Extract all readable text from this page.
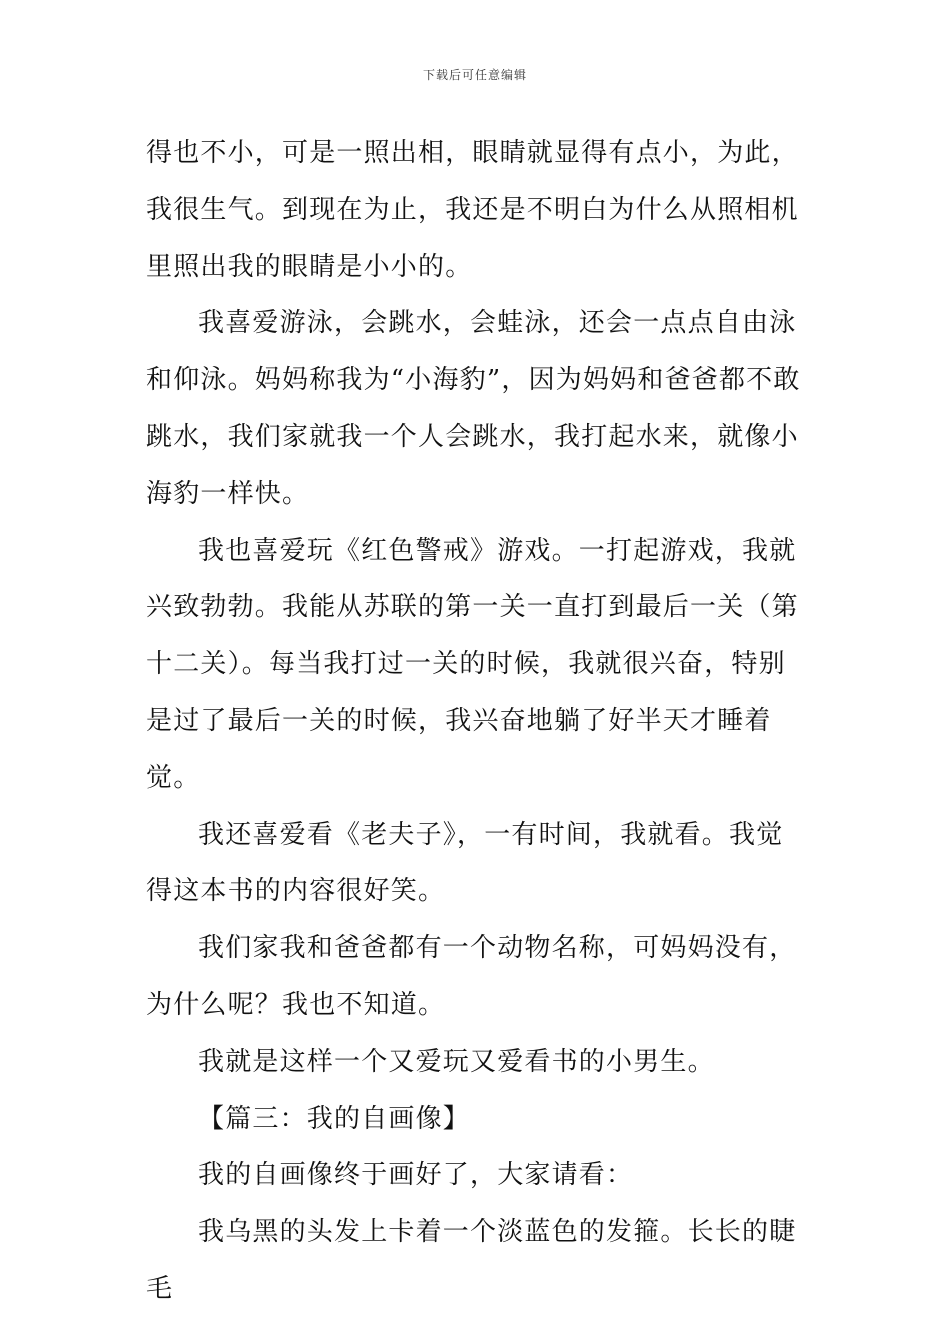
下载后可任意编辑

得也不小，可是一照出相，眼睛就显得有点小，为此，我很生气。到现在为止，我还是不明白为什么从照相机里照出我的眼睛是小小的。

我喜爱游泳，会跳水，会蛙泳，还会一点点自由泳和仰泳。妈妈称我为“小海豹”，因为妈妈和爸爸都不敢跳水，我们家就我一个人会跳水，我打起水来，就像小海豹一样快。

我也喜爱玩《红色警戒》游戏。一打起游戏，我就兴致勃勃。我能从苏联的第一关一直打到最后一关（第十二关）。每当我打过一关的时候，我就很兴奋，特别是过了最后一关的时候，我兴奋地躺了好半天才睡着觉。

我还喜爱看《老夫子》，一有时间，我就看。我觉得这本书的内容很好笑。

我们家我和爸爸都有一个动物名称，可妈妈没有，为什么呢？我也不知道。

我就是这样一个又爱玩又爱看书的小男生。

【篇三：我的自画像】

我的自画像终于画好了，大家请看：

我乌黑的头发上卡着一个淡蓝色的发箍。长长的睫毛
